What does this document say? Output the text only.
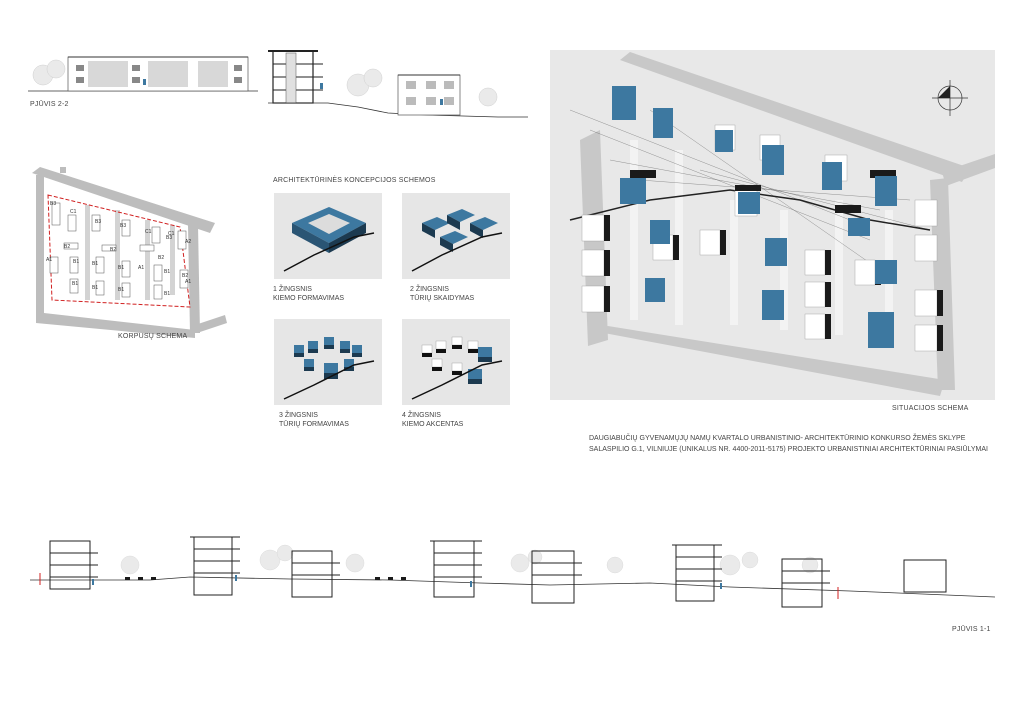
PJŪVIS 2-2
B3
C1
B3
B2
B3
C1
B3
A2
A1
B2
B1
B2
C1
A1
B1
B1
B1
B2
B1	A1
B1
B1
B1
KORPUSŲ SCHEMA
ARCHITEKTŪRINĖS KONCEPCIJOS SCHEMOS
1 ŽINGSNIS
KIEMO FORMAVIMAS
2 ŽINGSNIS
TŪRIŲ SKAIDYMAS
3 ŽINGSNIS
TŪRIŲ FORMAVIMAS
4 ŽINGSNIS
KIEMO AKCENTAS
SITUACIJOS SCHEMA
DAUGIABUČIŲ GYVENAMŲJŲ NAMŲ KVARTALO URBANISTINIO- ARCHITEKTŪRINIO KONKURSO ŽEMĖS SKLYPE
SALASPILIO G.1, VILNIUJE (UNIKALUS NR. 4400-2011-5175) PROJEKTO URBANISTINIAI ARCHITEKTŪRINIAI PASIŪLYMAI
PJŪVIS 1-1
